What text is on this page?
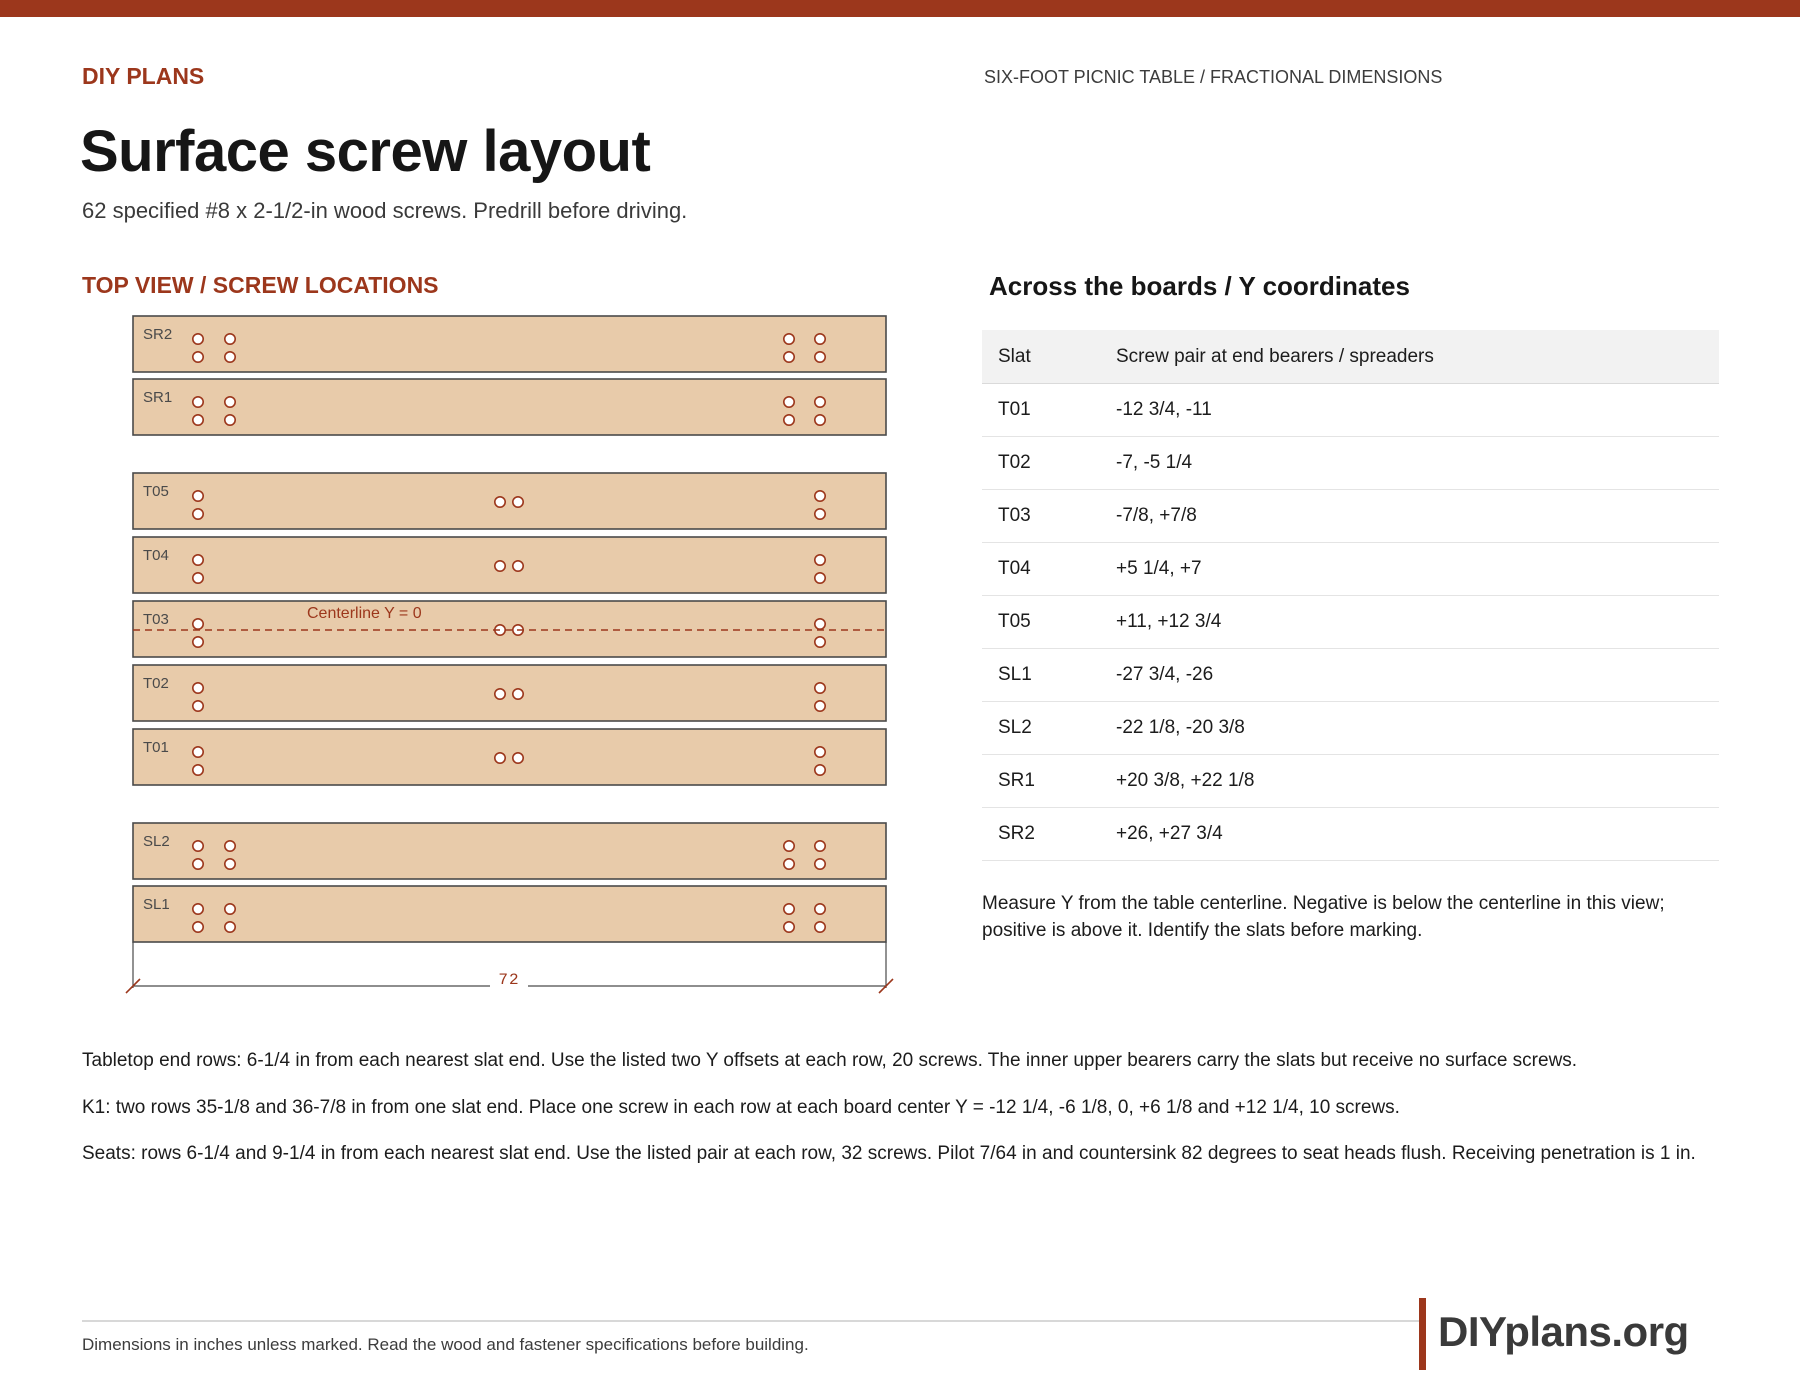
DIY PLANS	SIX-FOOT PICNIC TABLE / FRACTIONAL DIMENSIONS
Surface screw layout
62 specified #8 x 2-1/2-in wood screws. Predrill before driving.
TOP VIEW / SCREW LOCATIONS
SR2
SR1
T05
T04
T03
T02
T01
SL2
SL1
Centerline Y = 0
72
Across the boards / Y coordinates
Slat	Screw pair at end bearers / spreaders
T01	-12 3/4, -11
T02	-7, -5 1/4
T03	-7/8, +7/8
T04	+5 1/4, +7
T05	+11, +12 3/4
SL1	-27 3/4, -26
SL2	-22 1/8, -20 3/8
SR1	+20 3/8, +22 1/8
SR2	+26, +27 3/4
Measure Y from the table centerline. Negative is below the centerline in this view; positive is above it. Identify the slats before marking.
Tabletop end rows: 6-1/4 in from each nearest slat end. Use the listed two Y offsets at each row, 20 screws. The inner upper bearers carry the slats but receive no surface screws.
K1: two rows 35-1/8 and 36-7/8 in from one slat end. Place one screw in each row at each board center Y = -12 1/4, -6 1/8, 0, +6 1/8 and +12 1/4, 10 screws.
Seats: rows 6-1/4 and 9-1/4 in from each nearest slat end. Use the listed pair at each row, 32 screws. Pilot 7/64 in and countersink 82 degrees to seat heads flush. Receiving penetration is 1 in.
Dimensions in inches unless marked. Read the wood and fastener specifications before building.	DIYplans.org
